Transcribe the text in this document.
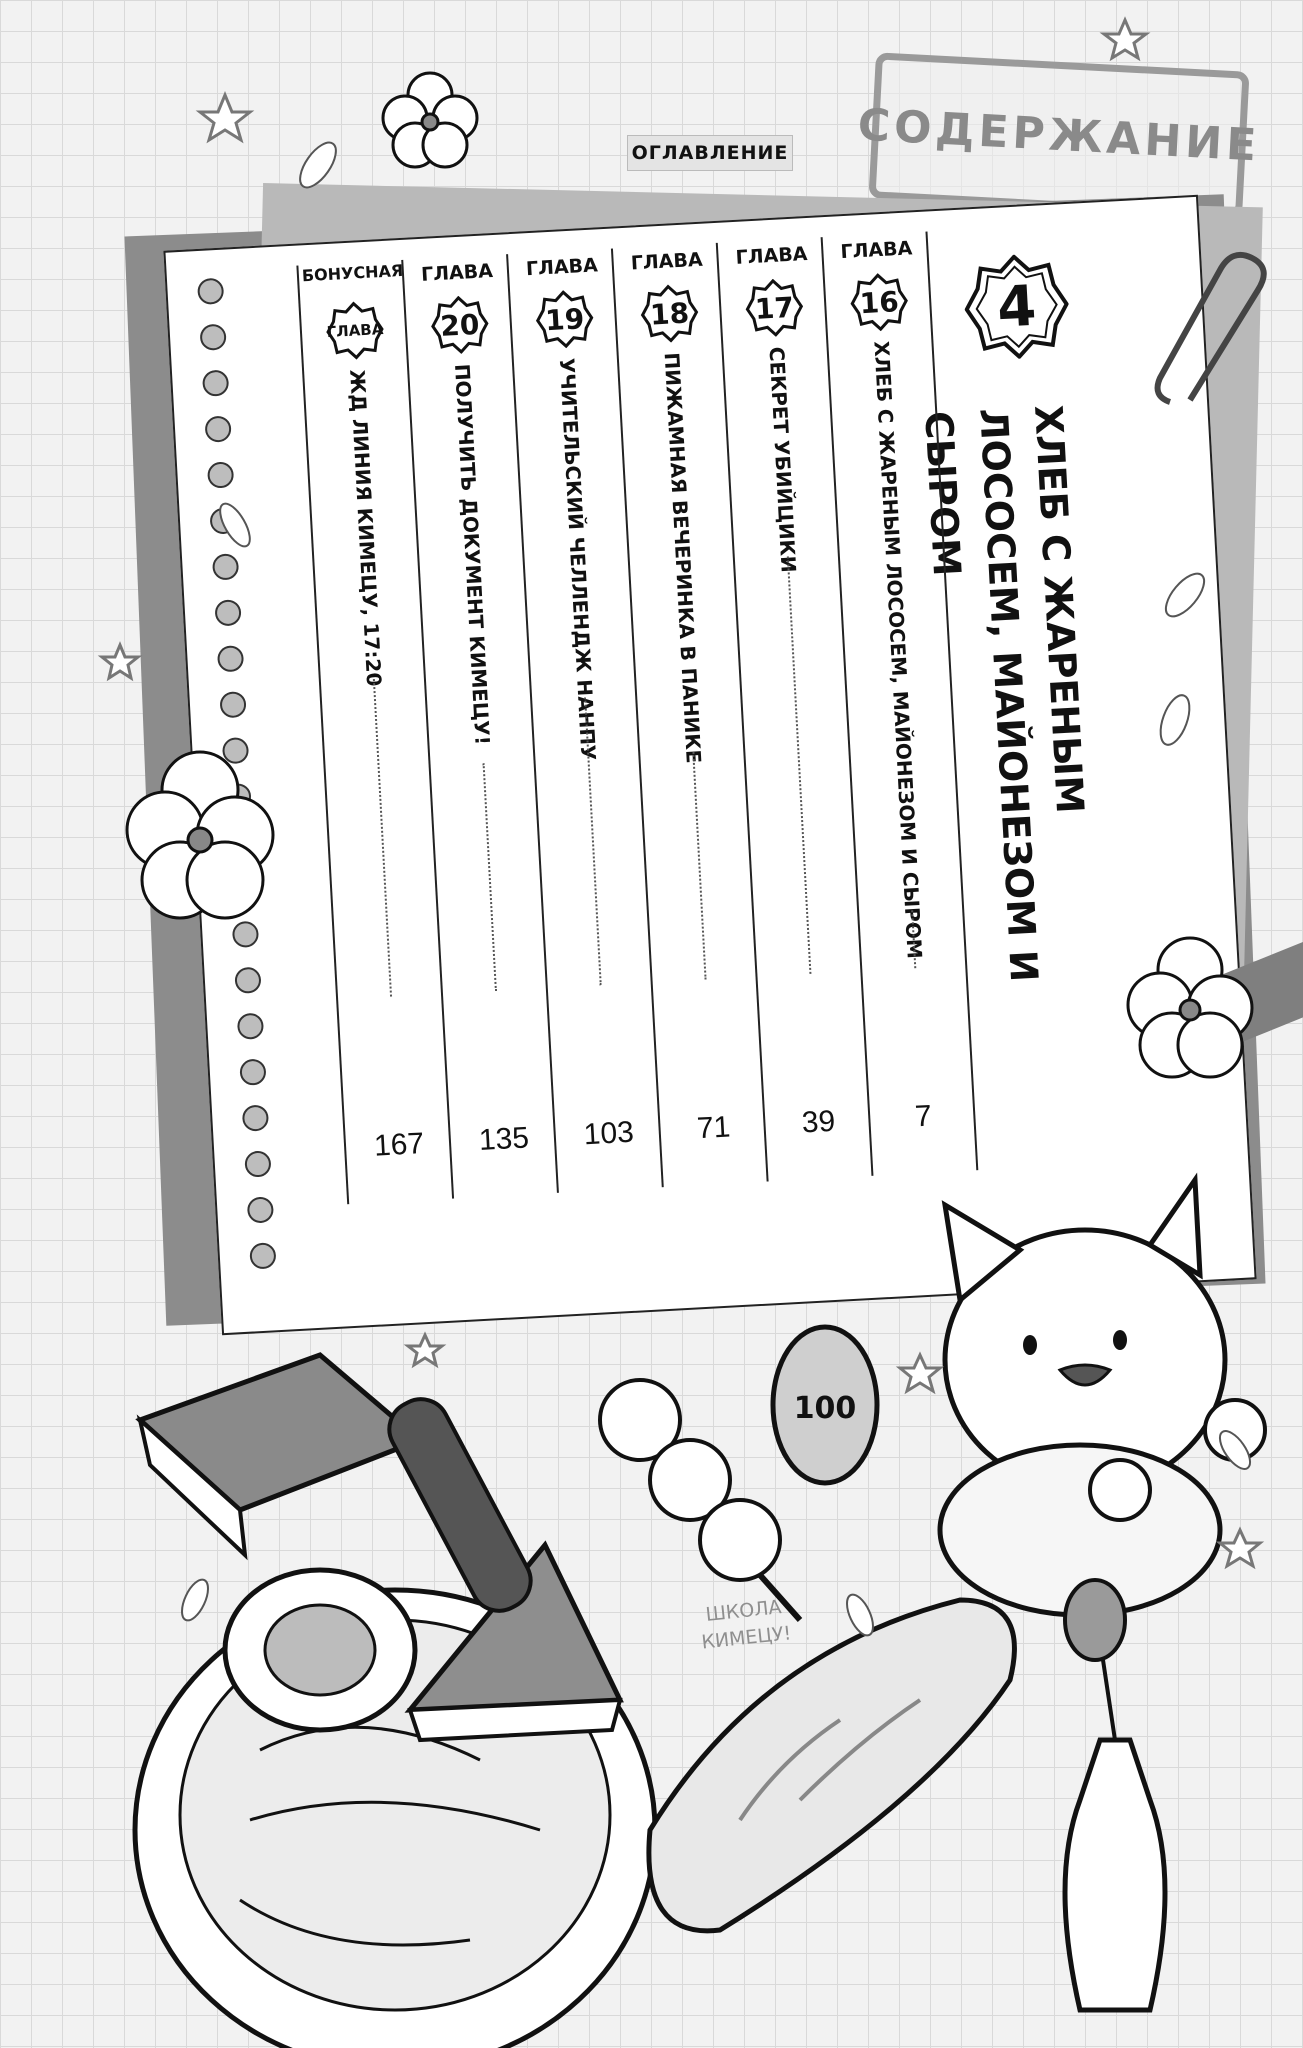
ОГЛАВЛЕНИЕ СОДЕРЖАНИЕ
4
ХЛЕБ С ЖАРЕНЫМ ЛОСОСЕМ, МАЙОНЕЗОМ И СЫРОМ
ГЛАВА
16
ХЛЕБ С ЖАРЕНЫМ ЛОСОСЕМ, МАЙОНЕЗОМ И СЫРОМ
7
ГЛАВА
17
СЕКРЕТ УБИЙЦИКИ
39
ГЛАВА
18
ПИЖАМНАЯ ВЕЧЕРИНКА В ПАНИКЕ
71
ГЛАВА
19
УЧИТЕЛЬСКИЙ ЧЕЛЛЕНДЖ НАНПУ
103
ГЛАВА
20
ПОЛУЧИТЬ ДОКУМЕНТ КИМЕЦУ!
135
БОНУСНАЯ
ГЛАВА
ЖД ЛИНИЯ КИМЕЦУ, 17:20
167
100
ШКОЛА КИМЕЦУ!
